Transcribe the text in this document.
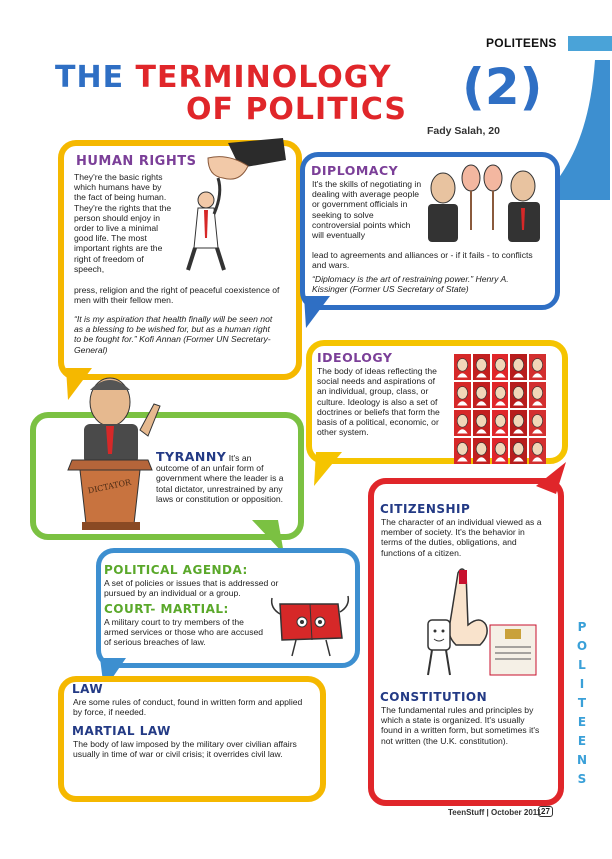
POLITEENS
THE TERMINOLOGY
OF POLITICS (2)
Fady Salah, 20
HUMAN RIGHTS
They're the basic rights which humans have by the fact of being human. They're the rights that the person should enjoy in order to live a minimal good life. The most important rights are the right of freedom of speech,
press, religion and the right of peaceful coexistence of men with their fellow men.
“It is my aspiration that health finally will be seen not as a blessing to be wished for, but as a human right to be fought for.” Kofi Annan (Former UN Secretary-General)
DIPLOMACY
It's the skills of negotiating in dealing with average people or government officials in seeking to solve controversial points which will eventually
lead to agreements and alliances or - if it fails - to conflicts and wars.
“Diplomacy is the art of restraining power.” Henry A. Kissinger (Former US Secretary of State)
IDEOLOGY
The body of ideas reflecting the social needs and aspirations of an individual, group, class, or culture. Ideology is also a set of doctrines or beliefs that form the basis of a political, economic, or other system.
DICTATOR
TYRANNY It's an outcome of an unfair form of government where the leader is a total dictator, unrestrained by any laws or constitution or opposition.
CITIZENSHIP
The character of an individual viewed as a member of society. It's the behavior in terms of the duties, obligations, and functions of a citizen.
CONSTITUTION
The fundamental rules and principles by which a state is organized. It's usually found in a written form, but sometimes it's not written (the U.K. constitution).
POLITICAL AGENDA:
A set of policies or issues that is addressed or pursued by an individual or a group.
COURT- MARTIAL:
A military court to try members of the armed services or those who are accused of serious breaches of law.
LAW
Are some rules of conduct, found in written form and applied by force, if needed.
MARTIAL LAW
The body of law imposed by the military over civilian affairs usually in time of war or civil crisis; it overrides civil law.
P
O
L
I
T
E
E
N
S
TeenStuff | October 2011 27
